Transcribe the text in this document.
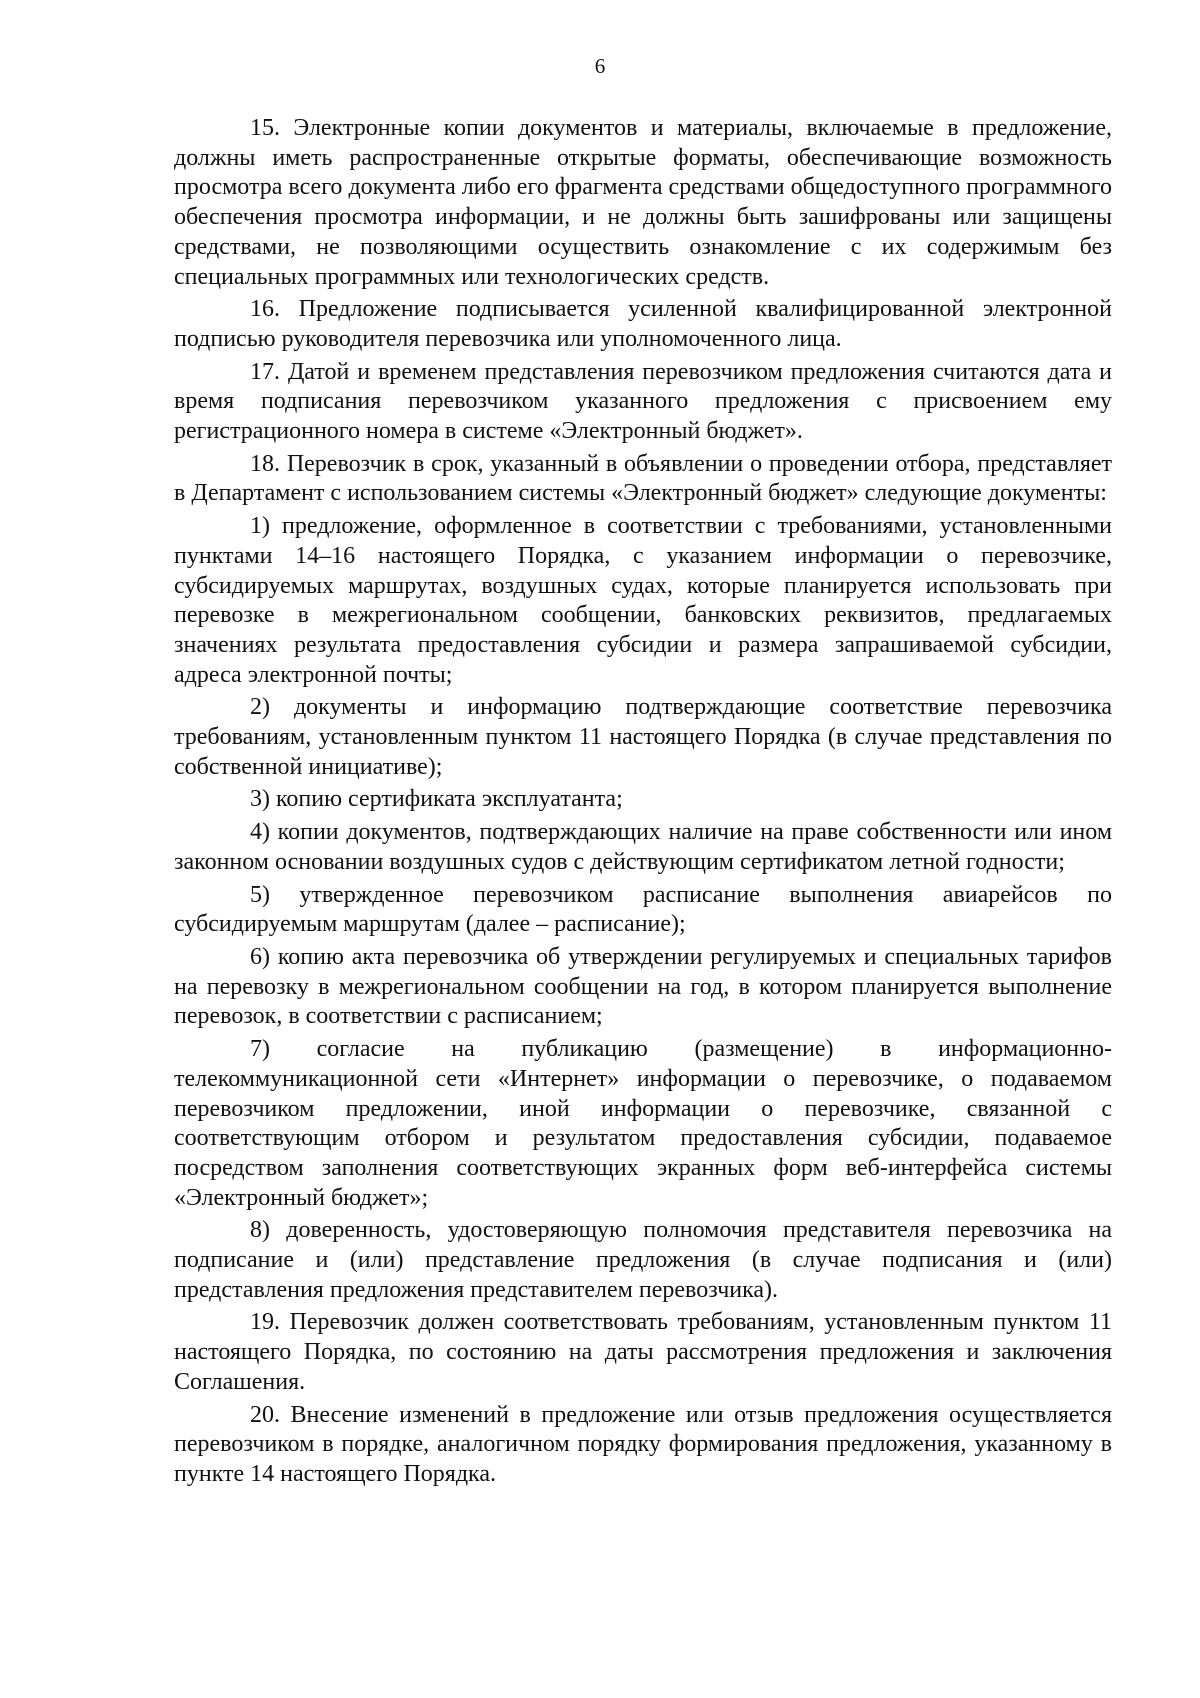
6

15. Электронные копии документов и материалы, включаемые в предложение, должны иметь распространенные открытые форматы, обеспечивающие возможность просмотра всего документа либо его фрагмента средствами общедоступного программного обеспечения просмотра информации, и не должны быть зашифрованы или защищены средствами, не позволяющими осуществить ознакомление с их содержимым без специальных программных или технологических средств.

16. Предложение подписывается усиленной квалифицированной электронной подписью руководителя перевозчика или уполномоченного лица.

17. Датой и временем представления перевозчиком предложения считаются дата и время подписания перевозчиком указанного предложения с присвоением ему регистрационного номера в системе «Электронный бюджет».

18. Перевозчик в срок, указанный в объявлении о проведении отбора, представляет в Департамент с использованием системы «Электронный бюджет» следующие документы:

1) предложение, оформленное в соответствии с требованиями, установленными пунктами 14–16 настоящего Порядка, с указанием информации о перевозчике, субсидируемых маршрутах, воздушных судах, которые планируется использовать при перевозке в межрегиональном сообщении, банковских реквизитов, предлагаемых значениях результата предоставления субсидии и размера запрашиваемой субсидии, адреса электронной почты;

2) документы и информацию подтверждающие соответствие перевозчика требованиям, установленным пунктом 11 настоящего Порядка (в случае представления по собственной инициативе);

3) копию сертификата эксплуатанта;

4) копии документов, подтверждающих наличие на праве собственности или ином законном основании воздушных судов с действующим сертификатом летной годности;

5) утвержденное перевозчиком расписание выполнения авиарейсов по субсидируемым маршрутам (далее – расписание);

6) копию акта перевозчика об утверждении регулируемых и специальных тарифов на перевозку в межрегиональном сообщении на год, в котором планируется выполнение перевозок, в соответствии с расписанием;

7) согласие на публикацию (размещение) в информационно-телекоммуникационной сети «Интернет» информации о перевозчике, о подаваемом перевозчиком предложении, иной информации о перевозчике, связанной с соответствующим отбором и результатом предоставления субсидии, подаваемое посредством заполнения соответствующих экранных форм веб-интерфейса системы «Электронный бюджет»;

8) доверенность, удостоверяющую полномочия представителя перевозчика на подписание и (или) представление предложения (в случае подписания и (или) представления предложения представителем перевозчика).

19. Перевозчик должен соответствовать требованиям, установленным пунктом 11 настоящего Порядка, по состоянию на даты рассмотрения предложения и заключения Соглашения.

20. Внесение изменений в предложение или отзыв предложения осуществляется перевозчиком в порядке, аналогичном порядку формирования предложения, указанному в пункте 14 настоящего Порядка.
